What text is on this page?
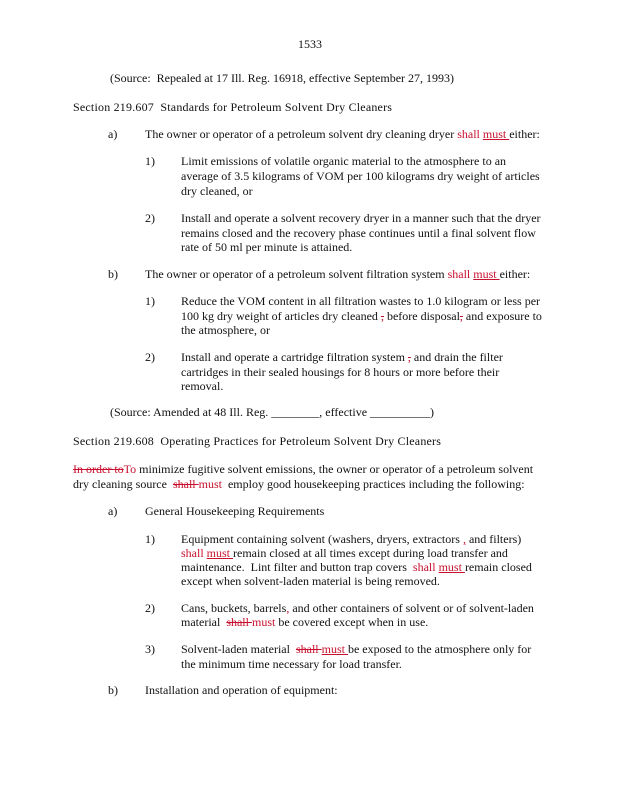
1533
(Source:  Repealed at 17 Ill. Reg. 16918, effective September 27, 1993)
Section 219.607  Standards for Petroleum Solvent Dry Cleaners
a) The owner or operator of a petroleum solvent dry cleaning dryer shall must either:
1) Limit emissions of volatile organic material to the atmosphere to an
average of 3.5 kilograms of VOM per 100 kilograms dry weight of articles
dry cleaned, or
2) Install and operate a solvent recovery dryer in a manner such that the dryer
remains closed and the recovery phase continues until a final solvent flow
rate of 50 ml per minute is attained.
b) The owner or operator of a petroleum solvent filtration system shall must either:
1) Reduce the VOM content in all filtration wastes to 1.0 kilogram or less per
100 kg dry weight of articles dry cleaned , before disposal, and exposure to
the atmosphere, or
2) Install and operate a cartridge filtration system , and drain the filter
cartridges in their sealed housings for 8 hours or more before their
removal.
(Source: Amended at 48 Ill. Reg. ________, effective __________)
Section 219.608  Operating Practices for Petroleum Solvent Dry Cleaners
In order toTo minimize fugitive solvent emissions, the owner or operator of a petroleum solvent
dry cleaning source  shall must  employ good housekeeping practices including the following:
a) General Housekeeping Requirements
1) Equipment containing solvent (washers, dryers, extractors , and filters)
shall must remain closed at all times except during load transfer and
maintenance.  Lint filter and button trap covers  shall must remain closed
except when solvent-laden material is being removed.
2) Cans, buckets, barrels, and other containers of solvent or of solvent-laden
material  shall must be covered except when in use.
3) Solvent-laden material  shall must be exposed to the atmosphere only for
the minimum time necessary for load transfer.
b) Installation and operation of equipment:
